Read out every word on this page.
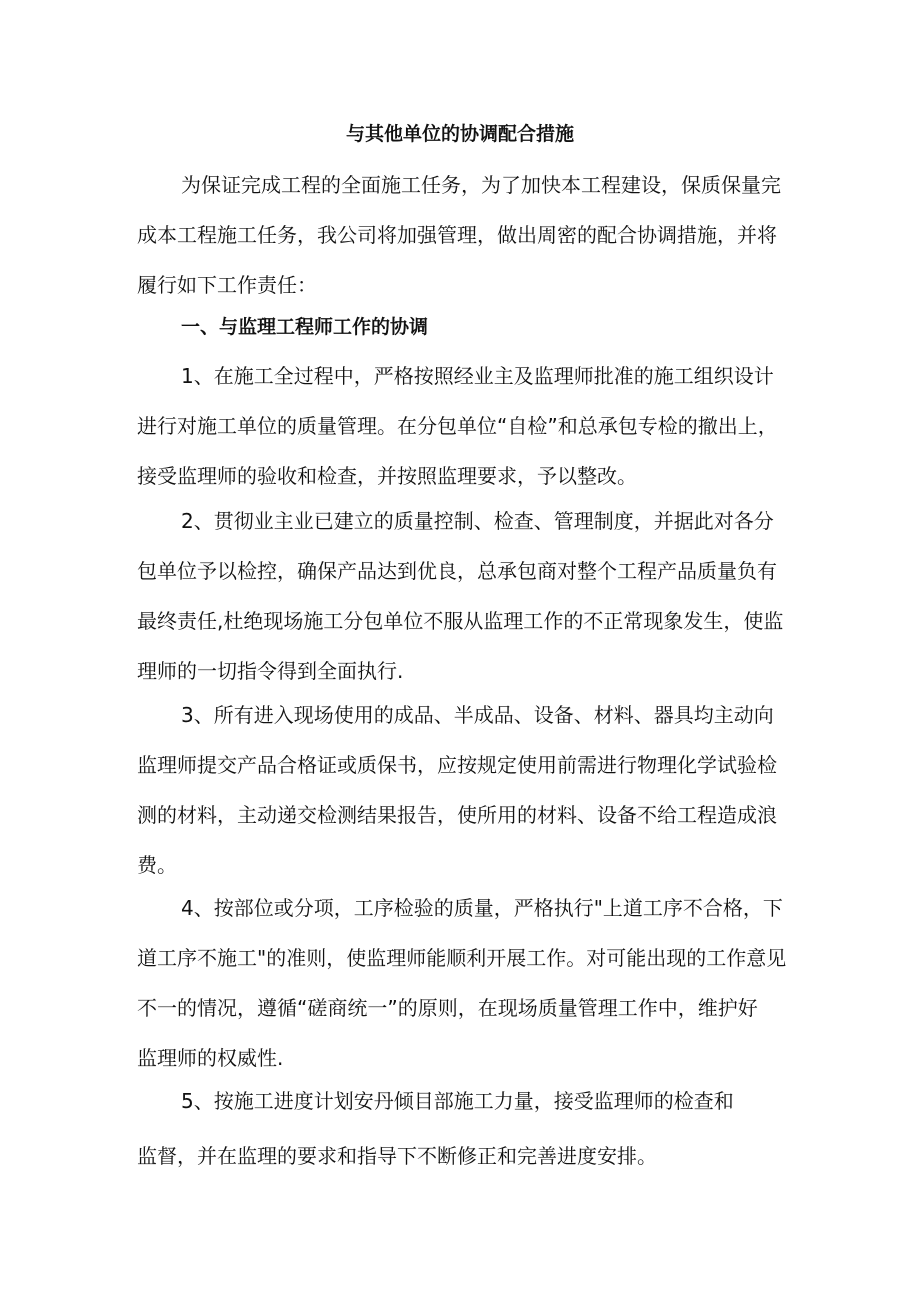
与其他单位的协调配合措施
为保证完成工程的全面施工任务，为了加快本工程建设，保质保量完
成本工程施工任务，我公司将加强管理，做出周密的配合协调措施，并将
履行如下工作责任：
一、与监理工程师工作的协调
1、在施工全过程中，严格按照经业主及监理师批准的施工组织设计
进行对施工单位的质量管理。在分包单位“自检”和总承包专检的撤出上，
接受监理师的验收和检查，并按照监理要求，予以整改。
2、贯彻业主业已建立的质量控制、检查、管理制度，并据此对各分
包单位予以检控，确保产品达到优良，总承包商对整个工程产品质量负有
最终责任,杜绝现场施工分包单位不服从监理工作的不正常现象发生，使监
理师的一切指令得到全面执行.
3、所有进入现场使用的成品、半成品、设备、材料、器具均主动向
监理师提交产品合格证或质保书，应按规定使用前需进行物理化学试验检
测的材料，主动递交检测结果报告，使所用的材料、设备不给工程造成浪
费。
4、按部位或分项，工序检验的质量，严格执行"上道工序不合格，下
道工序不施工"的准则，使监理师能顺利开展工作。对可能出现的工作意见
不一的情况，遵循“磋商统一”的原则，在现场质量管理工作中，维护好
监理师的权威性.
5、按施工进度计划安丹倾目部施工力量，接受监理师的检查和
监督，并在监理的要求和指导下不断修正和完善进度安排。
